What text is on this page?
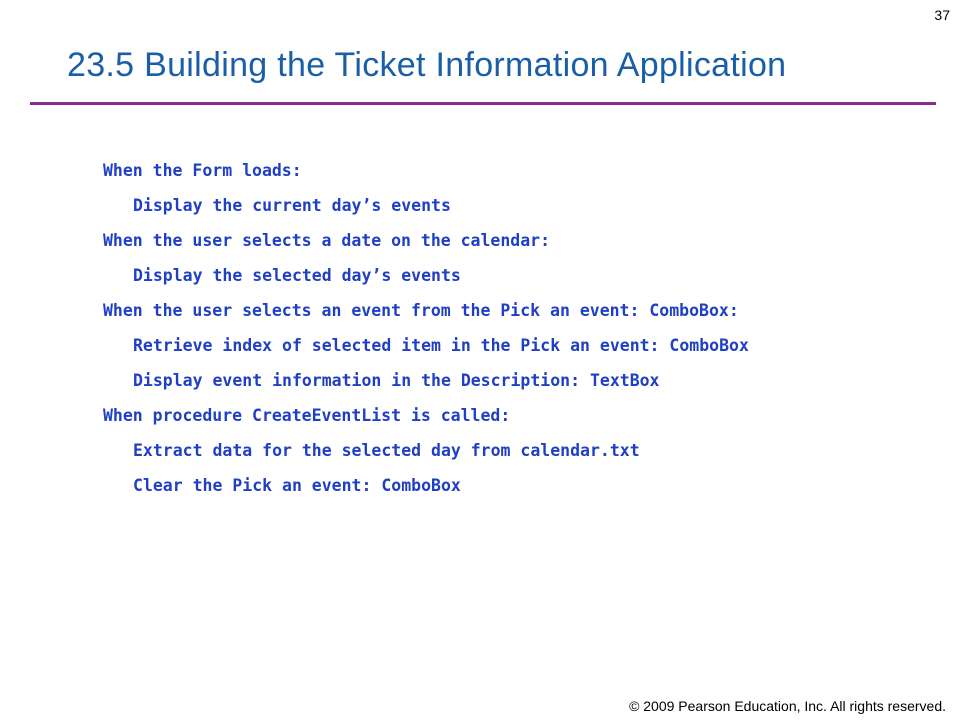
37
23.5 Building the Ticket Information Application
When the Form loads:
Display the current day’s events
When the user selects a date on the calendar:
Display the selected day’s events
When the user selects an event from the Pick an event: ComboBox:
Retrieve index of selected item in the Pick an event: ComboBox
Display event information in the Description: TextBox
When procedure CreateEventList is called:
Extract data for the selected day from calendar.txt
Clear the Pick an event: ComboBox
© 2009 Pearson Education, Inc. All rights reserved.
